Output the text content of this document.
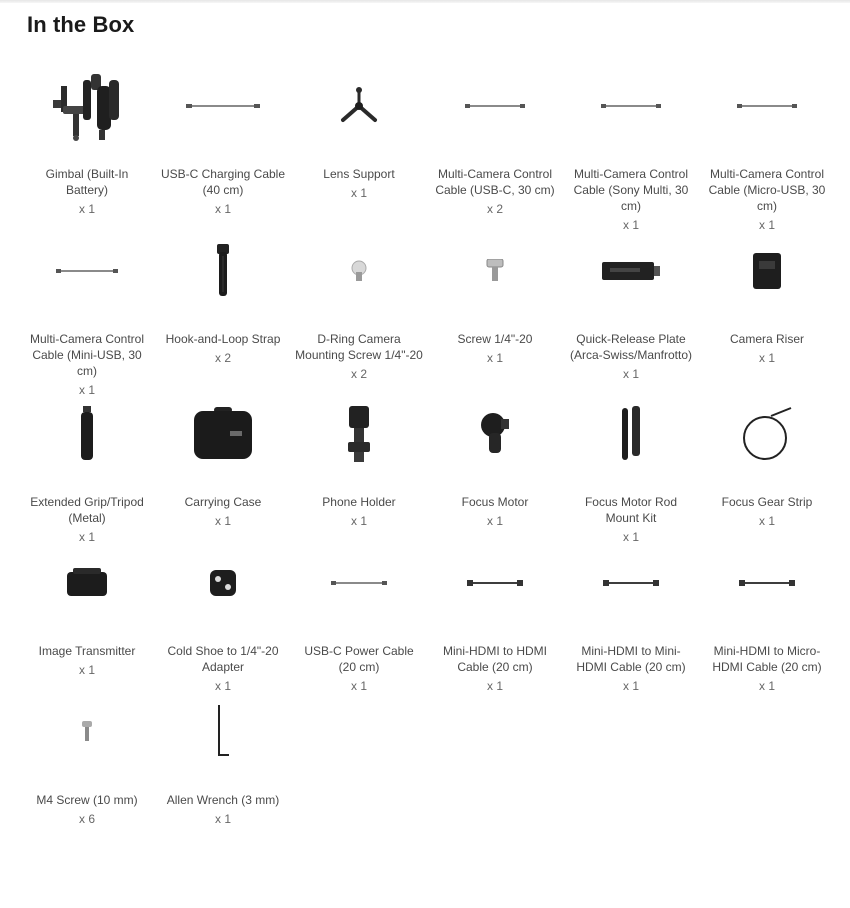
In the Box
Gimbal (Built-In Battery)
x 1
USB-C Charging Cable (40 cm)
x 1
Lens Support
x 1
Multi-Camera Control Cable (USB-C, 30 cm)
x 2
Multi-Camera Control Cable (Sony Multi, 30 cm)
x 1
Multi-Camera Control Cable (Micro-USB, 30 cm)
x 1
Multi-Camera Control Cable (Mini-USB, 30 cm)
x 1
Hook-and-Loop Strap
x 2
D-Ring Camera Mounting Screw 1/4"-20
x 2
Screw 1/4"-20
x 1
Quick-Release Plate (Arca-Swiss/Manfrotto)
x 1
Camera Riser
x 1
Extended Grip/Tripod (Metal)
x 1
Carrying Case
x 1
Phone Holder
x 1
Focus Motor
x 1
Focus Motor Rod Mount Kit
x 1
Focus Gear Strip
x 1
Image Transmitter
x 1
Cold Shoe to 1/4"-20 Adapter
x 1
USB-C Power Cable (20 cm)
x 1
Mini-HDMI to HDMI Cable (20 cm)
x 1
Mini-HDMI to Mini-HDMI Cable (20 cm)
x 1
Mini-HDMI to Micro-HDMI Cable (20 cm)
x 1
M4 Screw (10 mm)
x 6
Allen Wrench (3 mm)
x 1
